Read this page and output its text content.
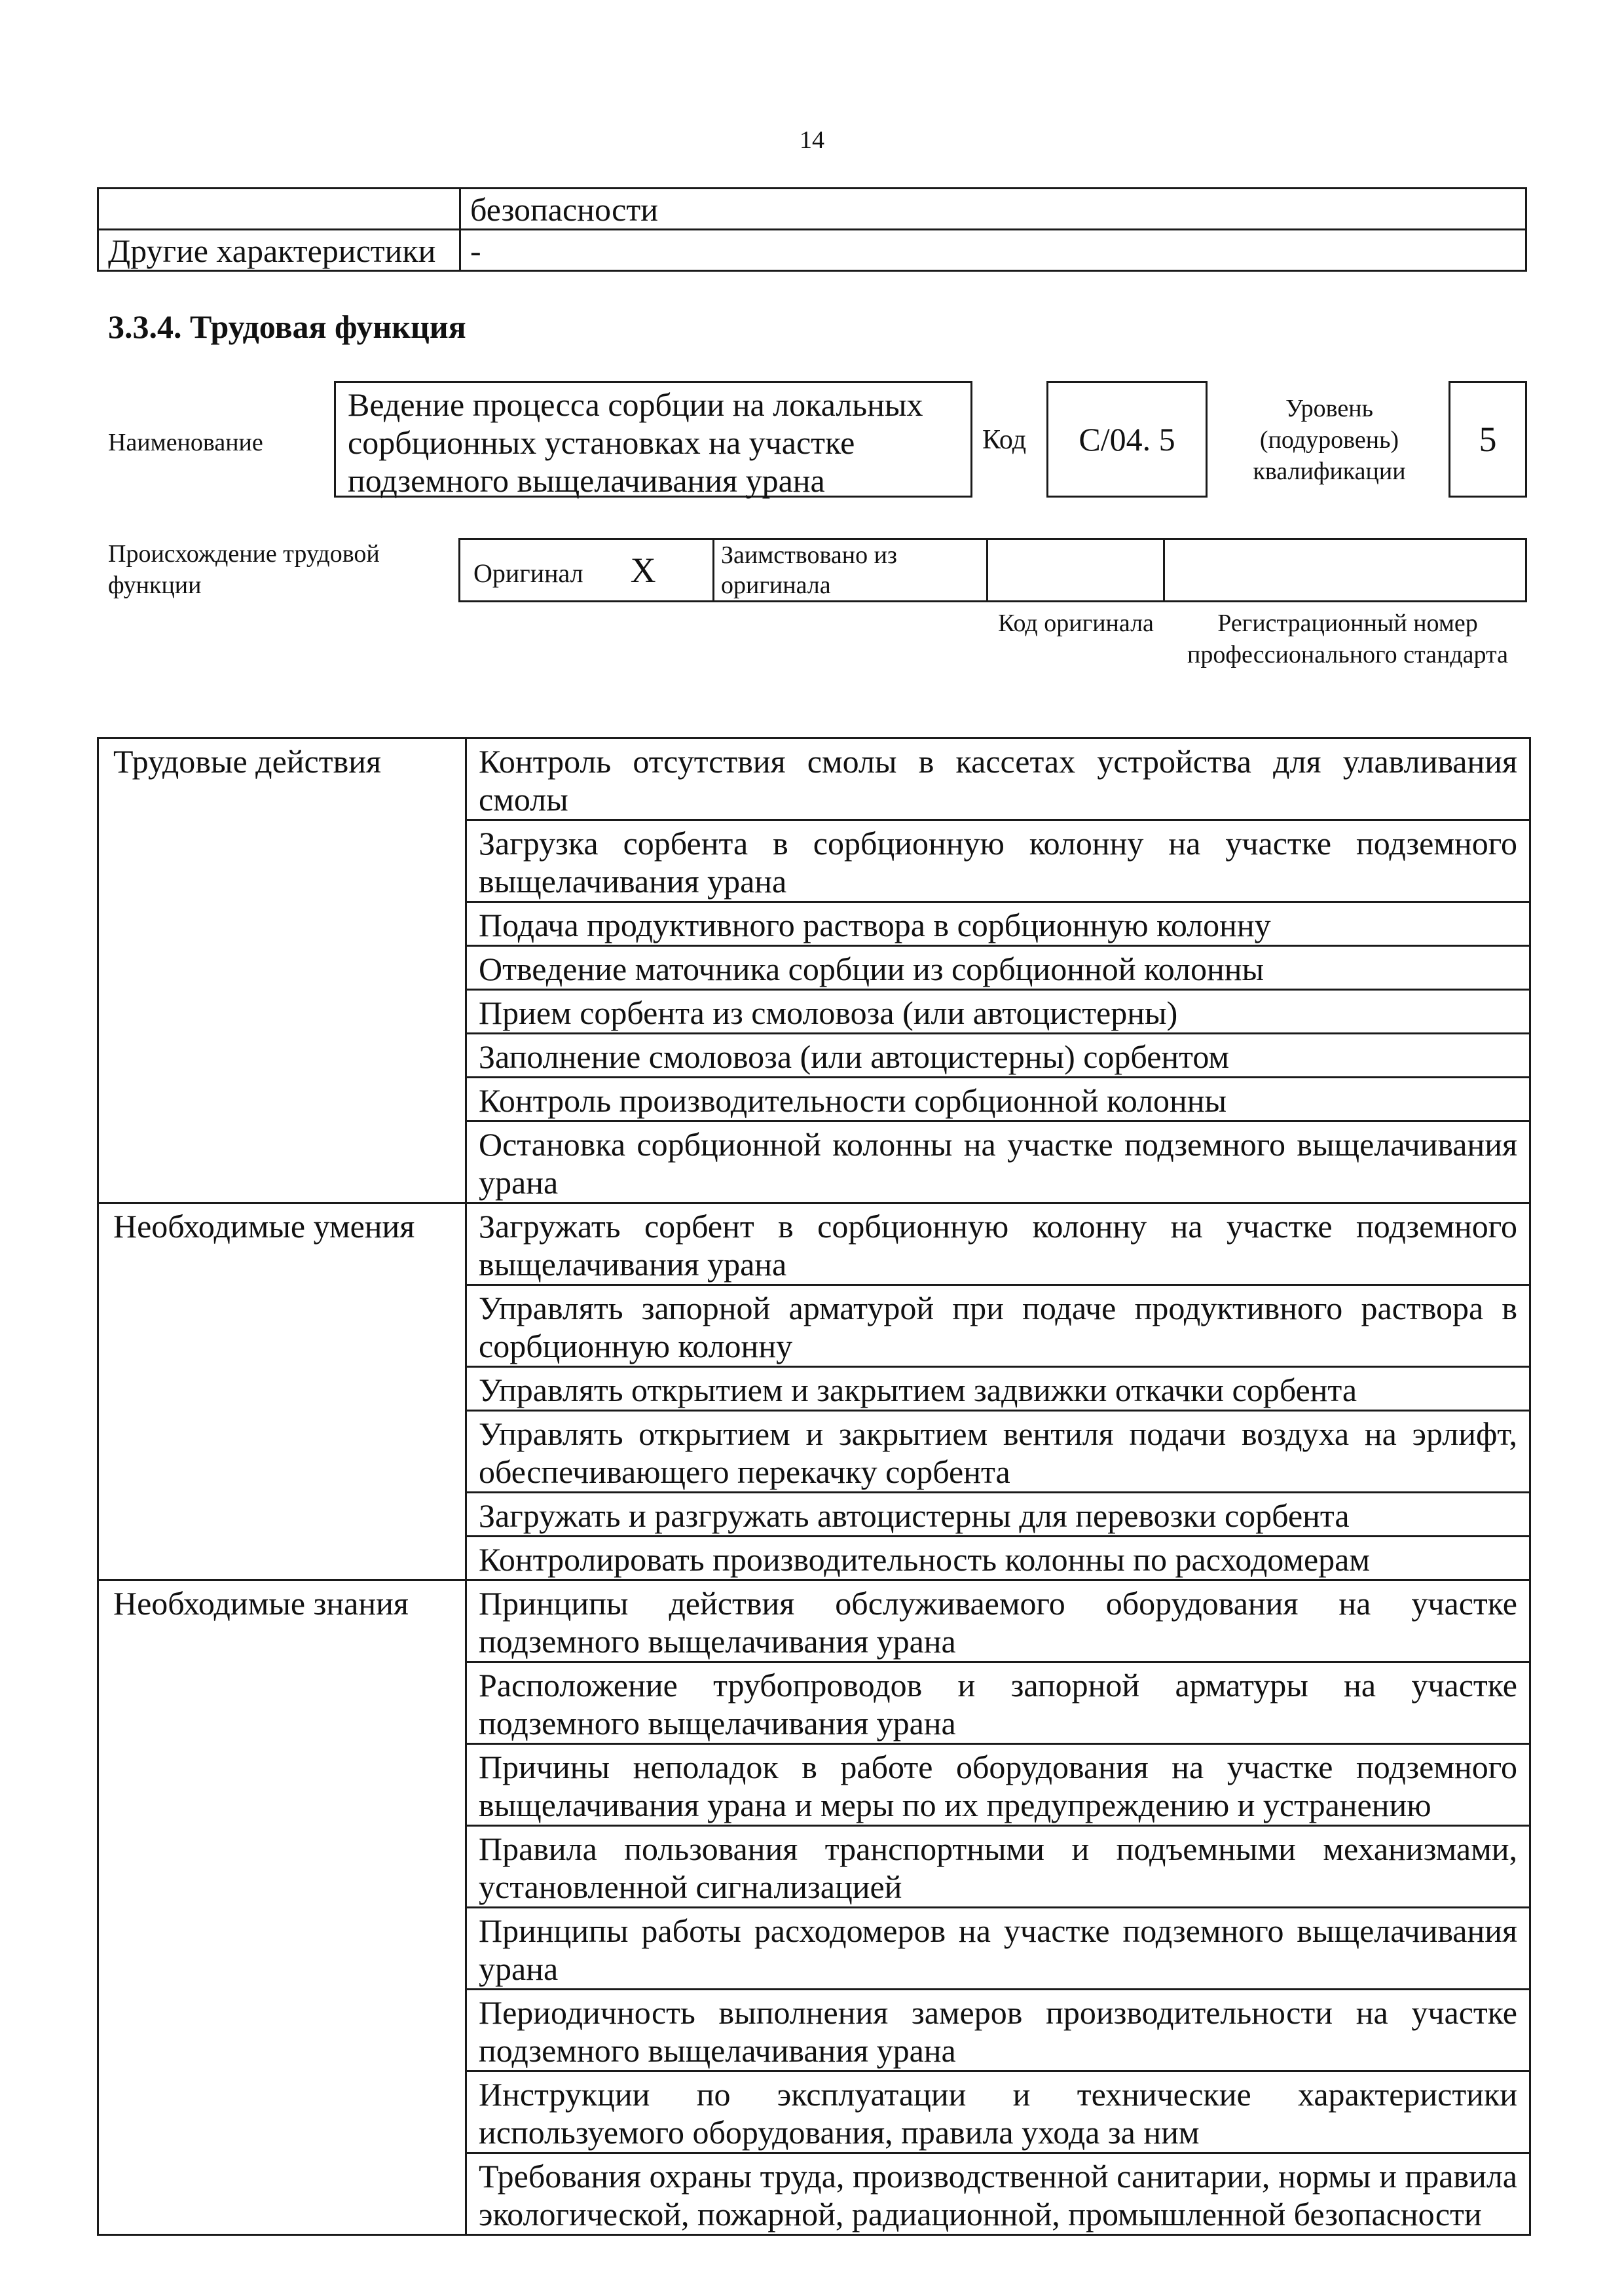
14
	безопасности
Другие характеристики	-
3.3.4. Трудовая функция
Наименование
Ведение процесса сорбции на локальных сорбционных установках на участке подземного выщелачивания урана
Код С/04. 5
Уровень (подуровень) квалификации
5
Происхождение трудовой функции	Оригинал X	Заимствовано из оригинала		
Код оригинала	Регистрационный номер профессионального стандарта
Трудовые действия	Контроль отсутствия смолы в кассетах устройства для улавливания смолы
	Загрузка сорбента в сорбционную колонну на участке подземного выщелачивания урана
	Подача продуктивного раствора в сорбционную колонну
	Отведение маточника сорбции из сорбционной колонны
	Прием сорбента из смоловоза (или автоцистерны)
	Заполнение смоловоза (или автоцистерны) сорбентом
	Контроль производительности сорбционной колонны
	Остановка сорбционной колонны на участке подземного выщелачивания урана
Необходимые умения	Загружать сорбент в сорбционную колонну на участке подземного выщелачивания урана
	Управлять запорной арматурой при подаче продуктивного раствора в сорбционную колонну
	Управлять открытием и закрытием задвижки откачки сорбента
	Управлять открытием и закрытием вентиля подачи воздуха на эрлифт, обеспечивающего перекачку сорбента
	Загружать и разгружать автоцистерны для перевозки сорбента
	Контролировать производительность колонны по расходомерам
Необходимые знания	Принципы действия обслуживаемого оборудования на участке подземного выщелачивания урана
	Расположение трубопроводов и запорной арматуры на участке подземного выщелачивания урана
	Причины неполадок в работе оборудования на участке подземного выщелачивания урана и меры по их предупреждению и устранению
	Правила пользования транспортными и подъемными механизмами, установленной сигнализацией
	Принципы работы расходомеров на участке подземного выщелачивания урана
	Периодичность выполнения замеров производительности на участке подземного выщелачивания урана
	Инструкции по эксплуатации и технические характеристики используемого оборудования, правила ухода за ним
	Требования охраны труда, производственной санитарии, нормы и правила экологической, пожарной, радиационной, промышленной безопасности
